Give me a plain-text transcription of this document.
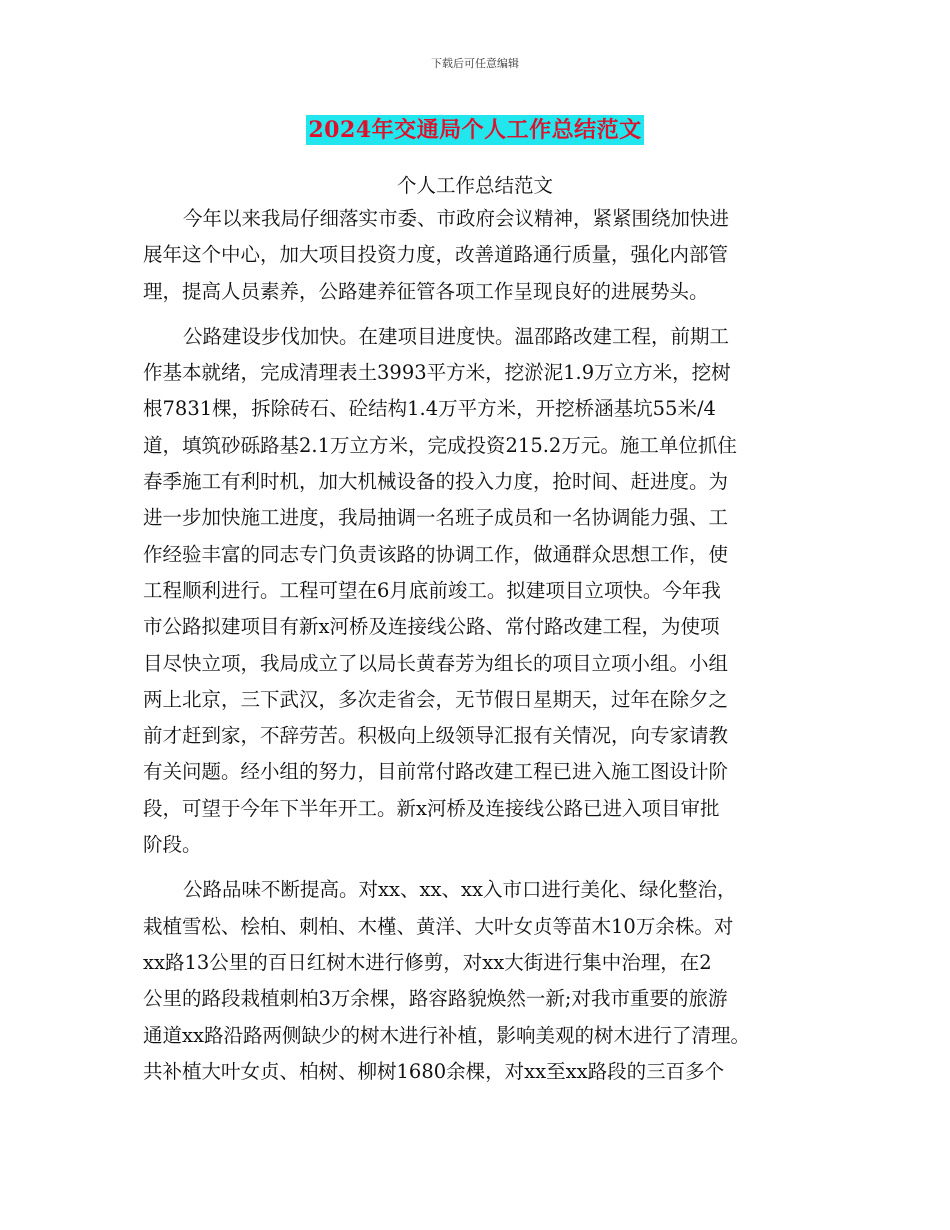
下载后可任意编辑
2024年交通局个人工作总结范文
个人工作总结范文
今年以来我局仔细落实市委、市政府会议精神，紧紧围绕加快进
展年这个中心，加大项目投资力度，改善道路通行质量，强化内部管
理，提高人员素养，公路建养征管各项工作呈现良好的进展势头。
公路建设步伐加快。在建项目进度快。温邵路改建工程，前期工
作基本就绪，完成清理表土3993平方米，挖淤泥1.9万立方米，挖树
根7831棵，拆除砖石、砼结构1.4万平方米，开挖桥涵基坑55米/4
道，填筑砂砾路基2.1万立方米，完成投资215.2万元。施工单位抓住
春季施工有利时机，加大机械设备的投入力度，抢时间、赶进度。为
进一步加快施工进度，我局抽调一名班子成员和一名协调能力强、工
作经验丰富的同志专门负责该路的协调工作，做通群众思想工作，使
工程顺利进行。工程可望在6月底前竣工。拟建项目立项快。今年我
市公路拟建项目有新x河桥及连接线公路、常付路改建工程，为使项
目尽快立项，我局成立了以局长黄春芳为组长的项目立项小组。小组
两上北京，三下武汉，多次走省会，无节假日星期天，过年在除夕之
前才赶到家，不辞劳苦。积极向上级领导汇报有关情况，向专家请教
有关问题。经小组的努力，目前常付路改建工程已进入施工图设计阶
段，可望于今年下半年开工。新x河桥及连接线公路已进入项目审批
阶段。
公路品味不断提高。对xx、xx、xx入市口进行美化、绿化整治，
栽植雪松、桧柏、刺柏、木槿、黄洋、大叶女贞等苗木10万余株。对
xx路13公里的百日红树木进行修剪，对xx大街进行集中治理，在2
公里的路段栽植刺柏3万余棵，路容路貌焕然一新;对我市重要的旅游
通道xx路沿路两侧缺少的树木进行补植，影响美观的树木进行了清理。
共补植大叶女贞、柏树、柳树1680余棵，对xx至xx路段的三百多个
